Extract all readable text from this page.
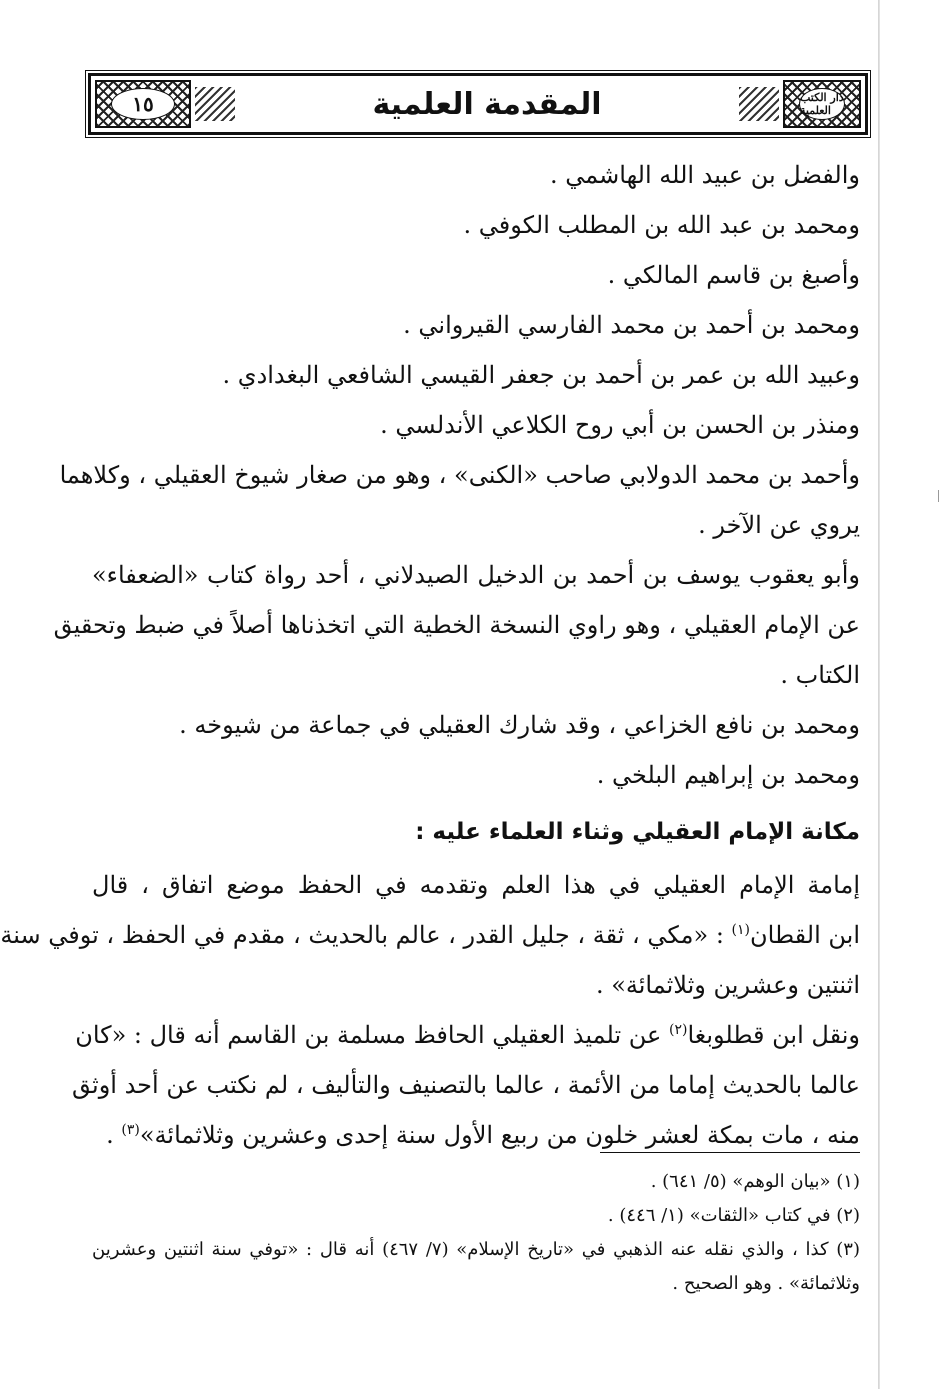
١٥	المقدمة العلمية	دار الكتب العلمية
والفضل بن عبيد الله الهاشمي .
ومحمد بن عبد الله بن المطلب الكوفي .
وأصبغ بن قاسم المالكي .
ومحمد بن أحمد بن محمد الفارسي القيرواني .
وعبيد الله بن عمر بن أحمد بن جعفر القيسي الشافعي البغدادي .
ومنذر بن الحسن بن أبي روح الكلاعي الأندلسي .
وأحمد بن محمد الدولابي صاحب «الكنى» ، وهو من صغار شيوخ العقيلي ، وكلاهما
يروي عن الآخر .
وأبو يعقوب يوسف بن أحمد بن الدخيل الصيدلاني ، أحد رواة كتاب «الضعفاء»
عن الإمام العقيلي ، وهو راوي النسخة الخطية التي اتخذناها أصلاً في ضبط وتحقيق
الكتاب .
ومحمد بن نافع الخزاعي ، وقد شارك العقيلي في جماعة من شيوخه .
ومحمد بن إبراهيم البلخي .
مكانة الإمام العقيلي وثناء العلماء عليه :
إمامة الإمام العقيلي في هذا العلم وتقدمه في الحفظ موضع اتفاق ، قال
ابن القطان$^{(١)}$ : «مكي ، ثقة ، جليل القدر ، عالم بالحديث ، مقدم في الحفظ ، توفي سنة
اثنتين وعشرين وثلاثمائة» .
ونقل ابن قطلوبغا$^{(٢)}$ عن تلميذ العقيلي الحافظ مسلمة بن القاسم أنه قال : «كان
عالما بالحديث إماما من الأئمة ، عالما بالتصنيف والتأليف ، لم نكتب عن أحد أوثق
منه ، مات بمكة لعشر خلون من ربيع الأول سنة إحدى وعشرين وثلاثمائة»$^{(٣)}$ .
(١) «بيان الوهم» (٥/ ٦٤١) .
(٢) في كتاب «الثقات» (١/ ٤٤٦) .
(٣) كذا ، والذي نقله عنه الذهبي في «تاريخ الإسلام» (٧/ ٤٦٧) أنه قال : «توفي سنة اثنتين وعشرين
وثلاثمائة» . وهو الصحيح .
